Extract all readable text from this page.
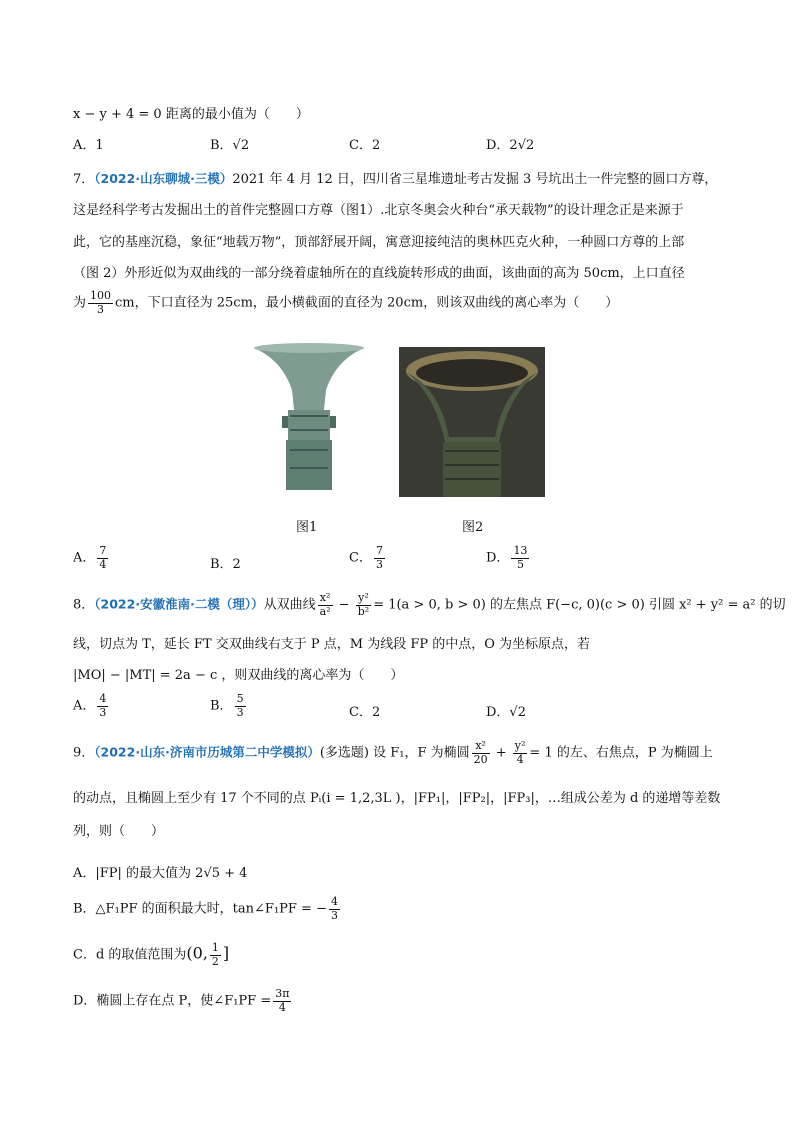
x − y + 4 = 0 距离的最小值为（　　）
A．1	B．√2	C．2	D．2√2
7．（2022·山东聊城·三模）2021 年 4 月 12 日，四川省三星堆遗址考古发掘 3 号坑出土一件完整的圆口方尊，
这是经科学考古发掘出土的首件完整圆口方尊（图1）.北京冬奥会火种台“承天载物”的设计理念正是来源于
此，它的基座沉稳，象征“地载万物”，顶部舒展开阔，寓意迎接纯洁的奥林匹克火种，一种圆口方尊的上部
（图 2）外形近似为双曲线的一部分绕着虚轴所在的直线旋转形成的曲面，该曲面的高为 50cm，上口直径
为 $\frac{100}{3}$ cm，下口直径为 25cm，最小横截面的直径为 20cm，则该双曲线的离心率为（　　）
图1	图2
A． $\frac{7}{4}$	B．2	C． $\frac{7}{3}$	D． $\frac{13}{5}$
8．（2022·安徽淮南·二模（理））从双曲线 $\frac{\text{x²}}{\text{a²}} - \frac{\text{y²}}{\text{b²}} = 1(a > 0$, b > 0) 的左焦点 F(−c, 0)(c > 0) 引圆 x² + y² = a² 的切
线，切点为 T，延长 FT 交双曲线右支于 P 点，M 为线段 FP 的中点，O 为坐标原点，若
|MO| − |MT| = 2a − c ，则双曲线的离心率为（　　）
A． $\frac{4}{3}$	B． $\frac{5}{3}$	C．2	D．√2
9．（2022·山东·济南市历城第二中学模拟）(多选题) 设 F₁，F 为椭圆 $\frac{\text{x²}}{20} + \frac{\text{y²}}{4} = 1$ 的左、右焦点，P 为椭圆上
的动点，且椭圆上至少有 17 个不同的点 Pᵢ(i = 1,2,3L )，|FP₁|，|FP₂|，|FP₃|，…组成公差为 d 的递增等差数
列，则（　　）
A．|FP| 的最大值为 2√5 + 4
B．△F₁PF 的面积最大时，tan∠F₁PF = − $\frac{4}{3}$
C．d 的取值范围为(0, $\frac{1}{2}$ ]
D．椭圆上存在点 P，使∠F₁PF = $\frac{3\pi}{4}$
